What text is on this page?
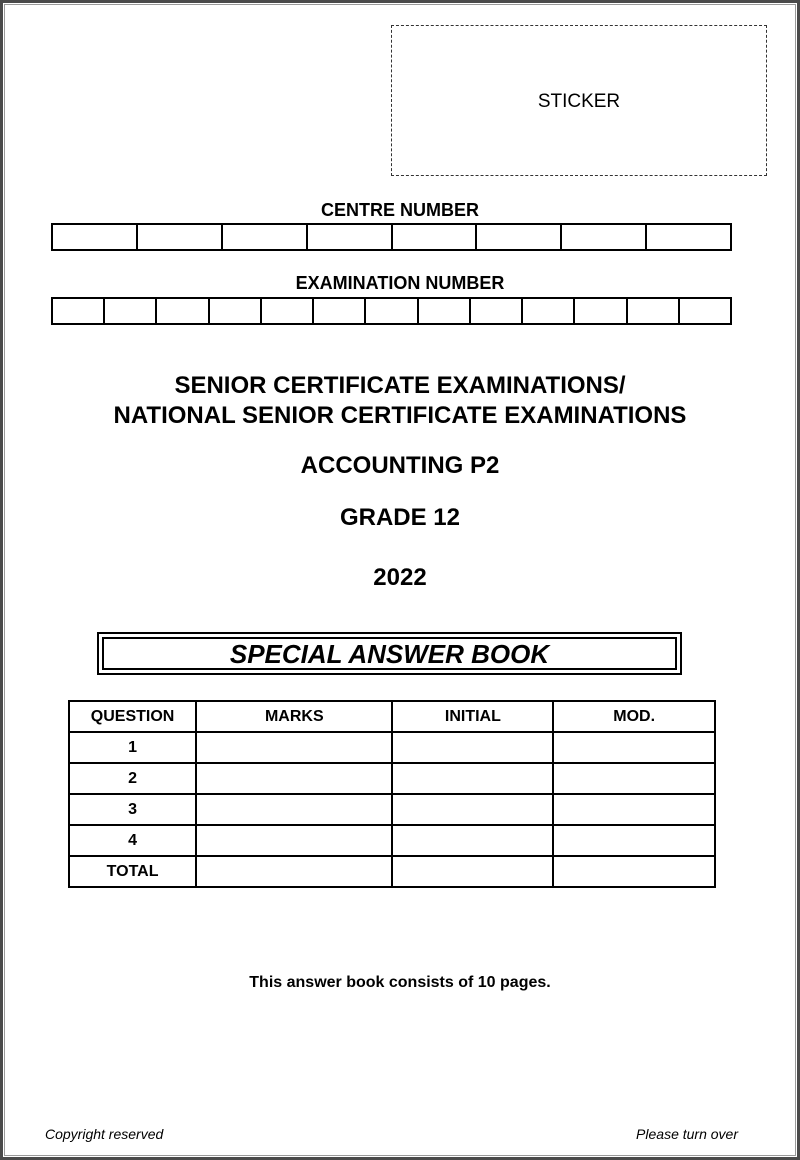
STICKER
CENTRE NUMBER
EXAMINATION NUMBER
SENIOR CERTIFICATE EXAMINATIONS/
NATIONAL SENIOR CERTIFICATE EXAMINATIONS
ACCOUNTING P2
GRADE 12
2022
SPECIAL ANSWER BOOK
QUESTION	MARKS	INITIAL	MOD.
1			
2			
3			
4			
TOTAL			
This answer book consists of 10 pages.
Copyright reserved	Please turn over
